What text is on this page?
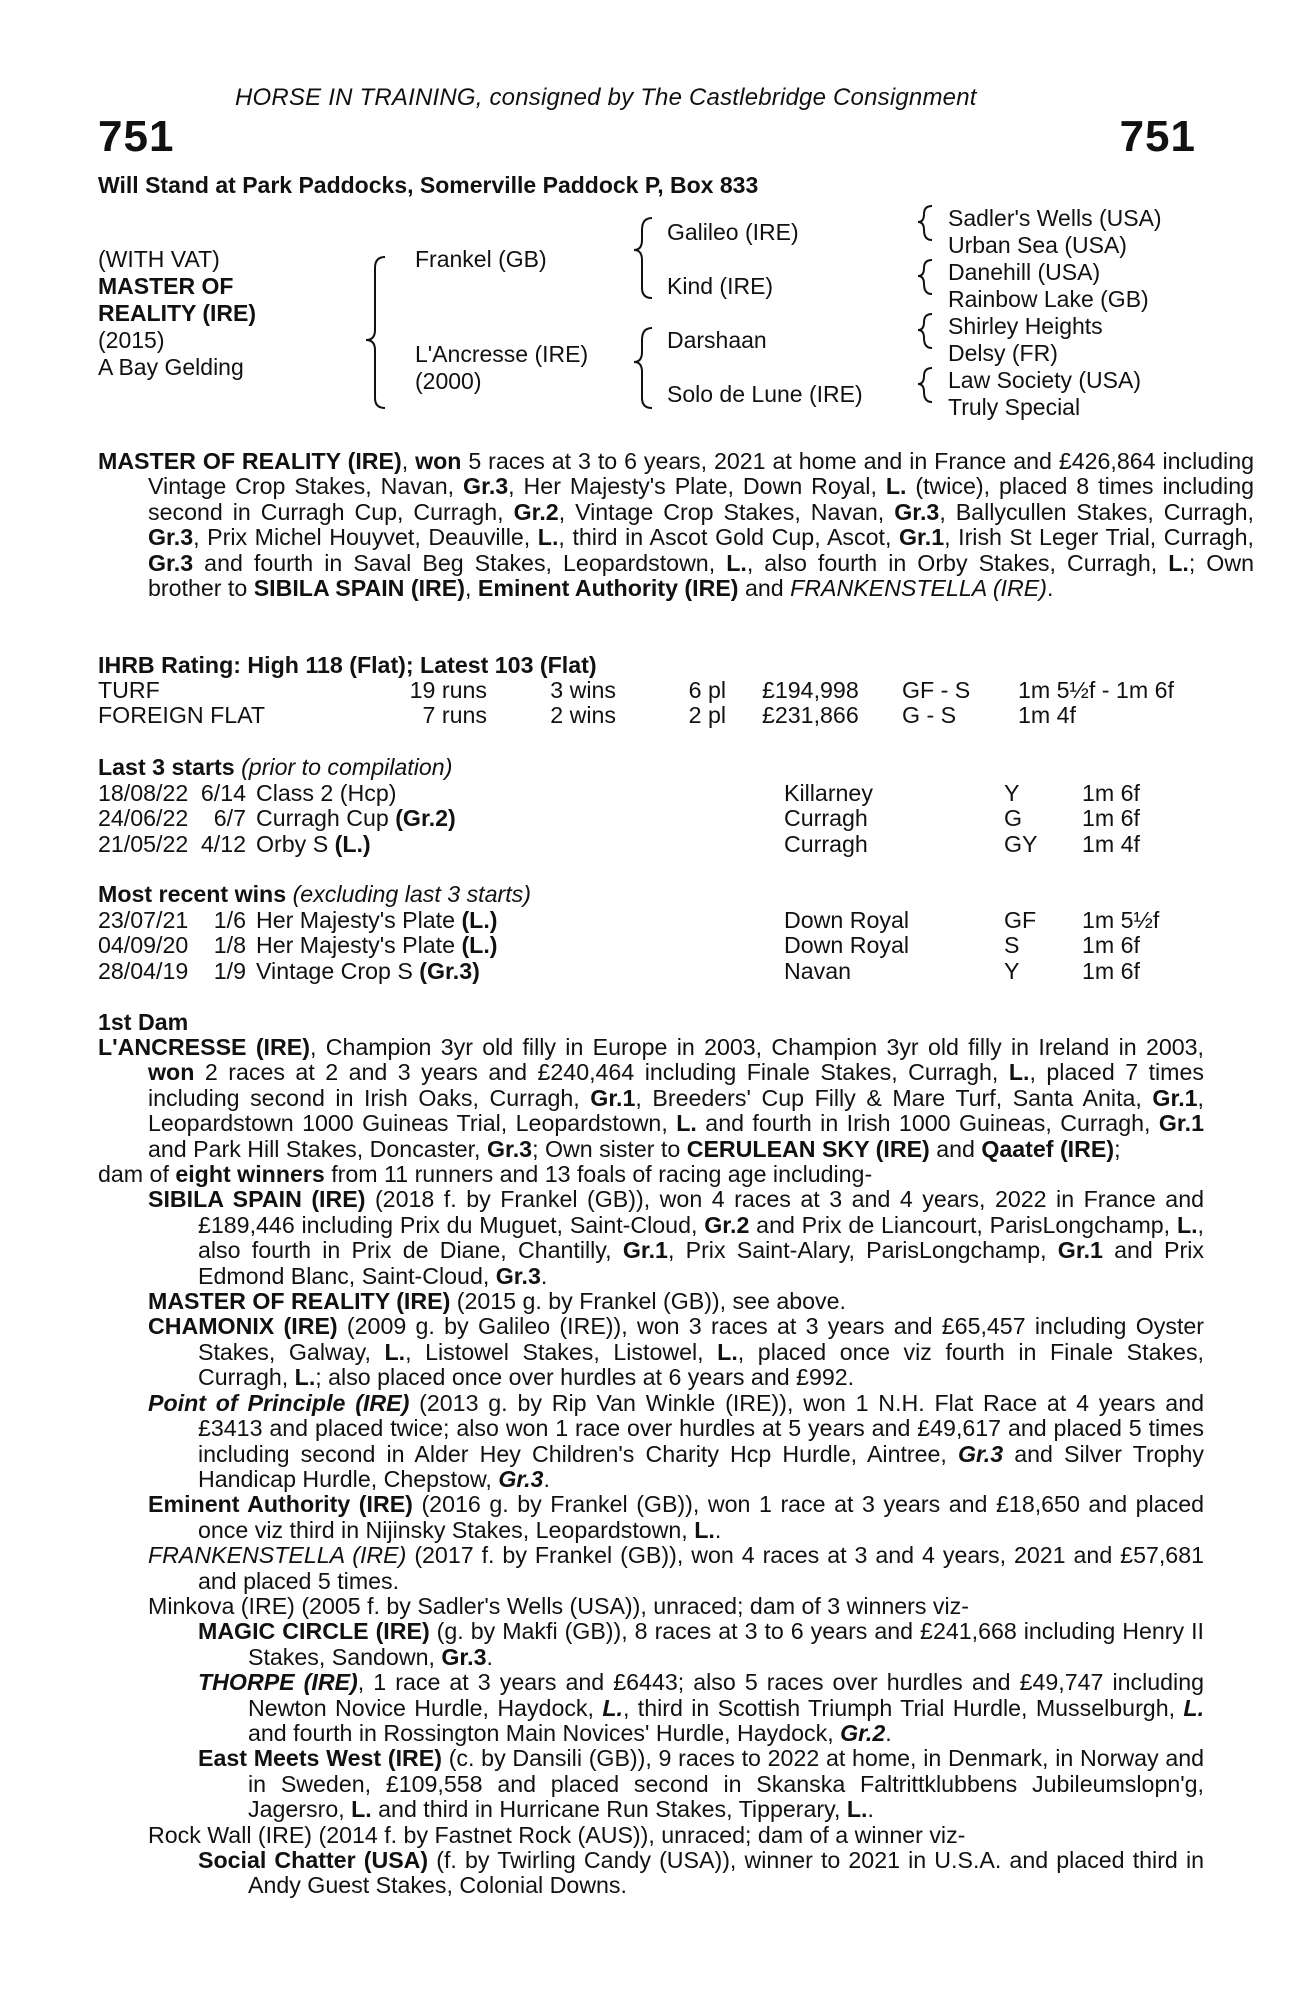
HORSE IN TRAINING, consigned by The Castlebridge Consignment
751	751
Will Stand at Park Paddocks, Somerville Paddock P, Box 833
(WITH VAT)
MASTER OF
REALITY (IRE)
(2015)
A Bay Gelding
Frankel (GB)
L'Ancresse (IRE)
(2000)
Galileo (IRE)
Kind (IRE)
Darshaan
Solo de Lune (IRE)
Sadler's Wells (USA)
Urban Sea (USA)
Danehill (USA)
Rainbow Lake (GB)
Shirley Heights
Delsy (FR)
Law Society (USA)
Truly Special
MASTER OF REALITY (IRE), won 5 races at 3 to 6 years, 2021 at home and in France and £426,864 including Vintage Crop Stakes, Navan, Gr.3, Her Majesty's Plate, Down Royal, L. (twice), placed 8 times including second in Curragh Cup, Curragh, Gr.2, Vintage Crop Stakes, Navan, Gr.3, Ballycullen Stakes, Curragh, Gr.3, Prix Michel Houyvet, Deauville, L., third in Ascot Gold Cup, Ascot, Gr.1, Irish St Leger Trial, Curragh, Gr.3 and fourth in Saval Beg Stakes, Leopardstown, L., also fourth in Orby Stakes, Curragh, L.; Own brother to SIBILA SPAIN (IRE), Eminent Authority (IRE) and FRANKENSTELLA (IRE).
IHRB Rating: High 118 (Flat); Latest 103 (Flat)
TURF	19 runs	3 wins	6 pl	£194,998	GF - S	1m 5½f - 1m 6f
FOREIGN FLAT	7 runs	2 wins	2 pl	£231,866	G - S	1m 4f
Last 3 starts (prior to compilation)
18/08/22	6/14	Class 2 (Hcp)	Killarney	Y	1m 6f
24/06/22	6/7	Curragh Cup (Gr.2)	Curragh	G	1m 6f
21/05/22	4/12	Orby S (L.)	Curragh	GY	1m 4f
Most recent wins (excluding last 3 starts)
23/07/21	1/6	Her Majesty's Plate (L.)	Down Royal	GF	1m 5½f
04/09/20	1/8	Her Majesty's Plate (L.)	Down Royal	S	1m 6f
28/04/19	1/9	Vintage Crop S (Gr.3)	Navan	Y	1m 6f
1st Dam

L'ANCRESSE (IRE), Champion 3yr old filly in Europe in 2003, Champion 3yr old filly in Ireland in 2003, won 2 races at 2 and 3 years and £240,464 including Finale Stakes, Curragh, L., placed 7 times including second in Irish Oaks, Curragh, Gr.1, Breeders' Cup Filly & Mare Turf, Santa Anita, Gr.1, Leopardstown 1000 Guineas Trial, Leopardstown, L. and fourth in Irish 1000 Guineas, Curragh, Gr.1 and Park Hill Stakes, Doncaster, Gr.3; Own sister to CERULEAN SKY (IRE) and Qaatef (IRE);

dam of eight winners from 11 runners and 13 foals of racing age including-

SIBILA SPAIN (IRE) (2018 f. by Frankel (GB)), won 4 races at 3 and 4 years, 2022 in France and £189,446 including Prix du Muguet, Saint-Cloud, Gr.2 and Prix de Liancourt, ParisLongchamp, L., also fourth in Prix de Diane, Chantilly, Gr.1, Prix Saint-Alary, ParisLongchamp, Gr.1 and Prix Edmond Blanc, Saint-Cloud, Gr.3.

MASTER OF REALITY (IRE) (2015 g. by Frankel (GB)), see above.

CHAMONIX (IRE) (2009 g. by Galileo (IRE)), won 3 races at 3 years and £65,457 including Oyster Stakes, Galway, L., Listowel Stakes, Listowel, L., placed once viz fourth in Finale Stakes, Curragh, L.; also placed once over hurdles at 6 years and £992.

Point of Principle (IRE) (2013 g. by Rip Van Winkle (IRE)), won 1 N.H. Flat Race at 4 years and £3413 and placed twice; also won 1 race over hurdles at 5 years and £49,617 and placed 5 times including second in Alder Hey Children's Charity Hcp Hurdle, Aintree, Gr.3 and Silver Trophy Handicap Hurdle, Chepstow, Gr.3.

Eminent Authority (IRE) (2016 g. by Frankel (GB)), won 1 race at 3 years and £18,650 and placed once viz third in Nijinsky Stakes, Leopardstown, L..

FRANKENSTELLA (IRE) (2017 f. by Frankel (GB)), won 4 races at 3 and 4 years, 2021 and £57,681 and placed 5 times.

Minkova (IRE) (2005 f. by Sadler's Wells (USA)), unraced; dam of 3 winners viz-

MAGIC CIRCLE (IRE) (g. by Makfi (GB)), 8 races at 3 to 6 years and £241,668 including Henry II Stakes, Sandown, Gr.3.

THORPE (IRE), 1 race at 3 years and £6443; also 5 races over hurdles and £49,747 including Newton Novice Hurdle, Haydock, L., third in Scottish Triumph Trial Hurdle, Musselburgh, L. and fourth in Rossington Main Novices' Hurdle, Haydock, Gr.2.

East Meets West (IRE) (c. by Dansili (GB)), 9 races to 2022 at home, in Denmark, in Norway and in Sweden, £109,558 and placed second in Skanska Faltrittklubbens Jubileumslopn'g, Jagersro, L. and third in Hurricane Run Stakes, Tipperary, L..

Rock Wall (IRE) (2014 f. by Fastnet Rock (AUS)), unraced; dam of a winner viz-

Social Chatter (USA) (f. by Twirling Candy (USA)), winner to 2021 in U.S.A. and placed third in Andy Guest Stakes, Colonial Downs.
